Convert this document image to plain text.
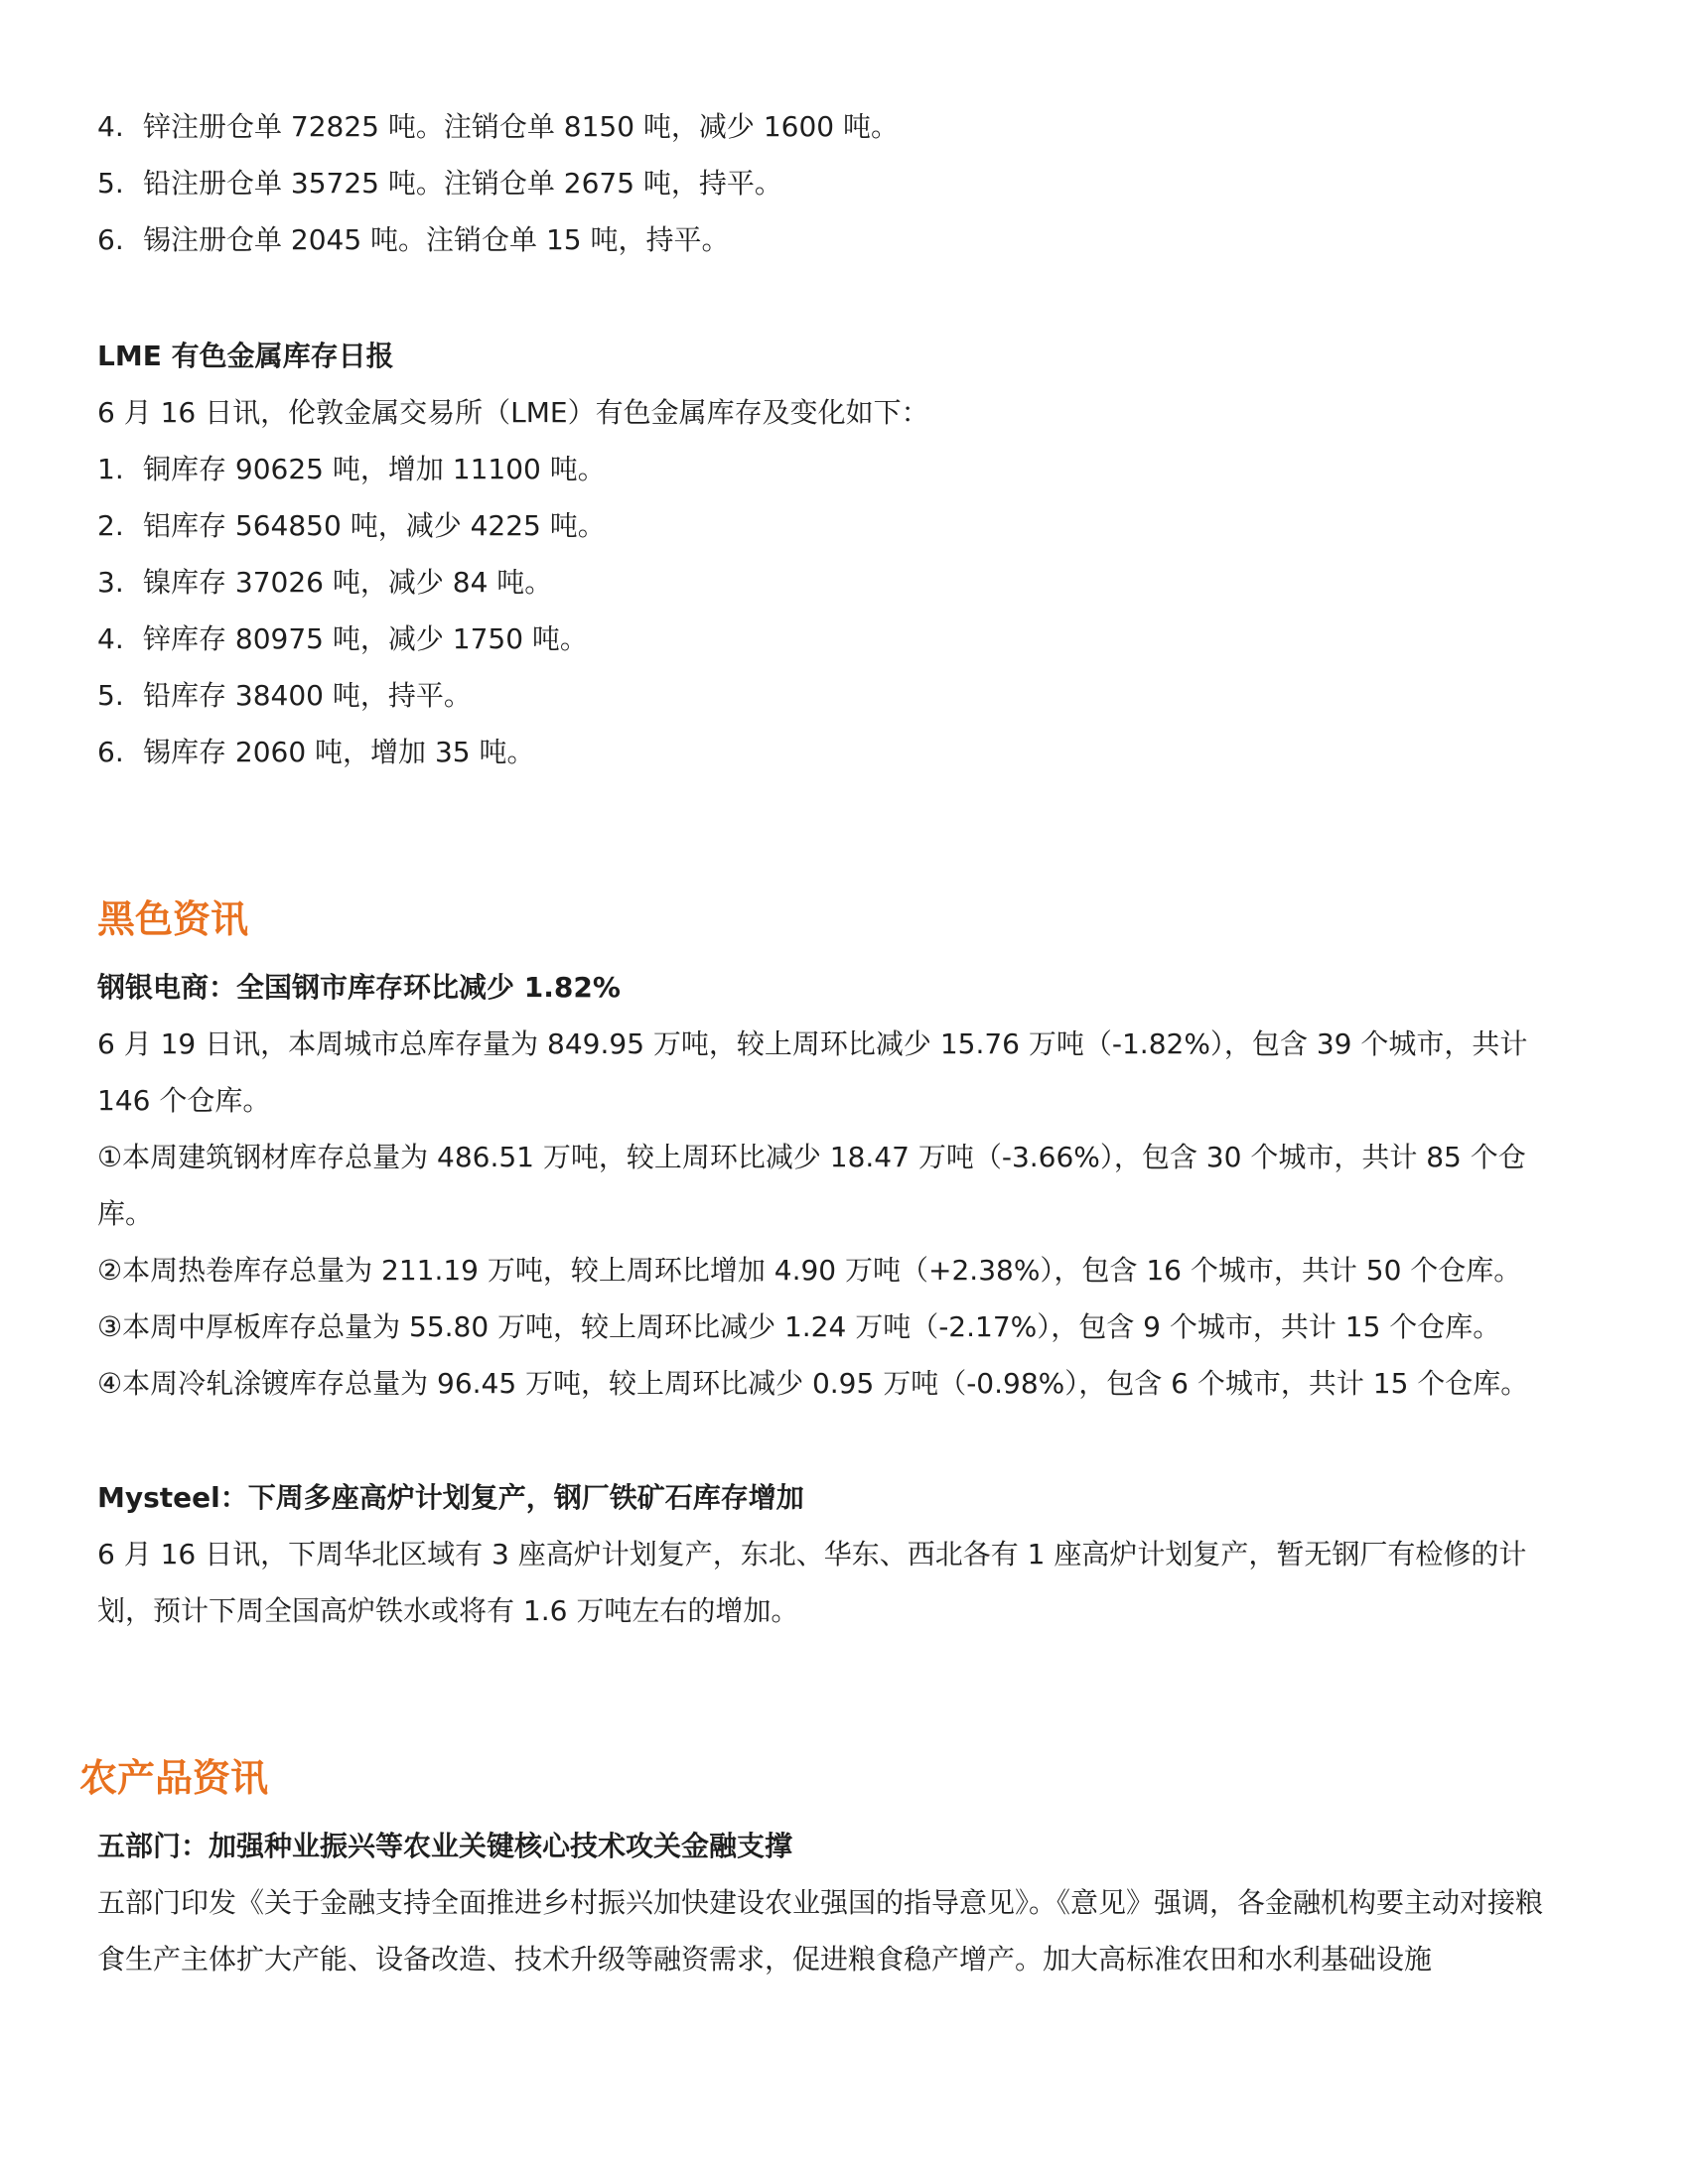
4. 锌注册仓单 72825 吨。注销仓单 8150 吨，减少 1600 吨。
5. 铅注册仓单 35725 吨。注销仓单 2675 吨，持平。
6. 锡注册仓单 2045 吨。注销仓单 15 吨，持平。
LME 有色金属库存日报
6 月 16 日讯，伦敦金属交易所（LME）有色金属库存及变化如下：
1. 铜库存 90625 吨，增加 11100 吨。
2. 铝库存 564850 吨，减少 4225 吨。
3. 镍库存 37026 吨，减少 84 吨。
4. 锌库存 80975 吨，减少 1750 吨。
5. 铅库存 38400 吨，持平。
6. 锡库存 2060 吨，增加 35 吨。
黑色资讯
钢银电商：全国钢市库存环比减少 1.82%
6 月 19 日讯，本周城市总库存量为 849.95 万吨，较上周环比减少 15.76 万吨（-1.82%），包含 39 个城市，共计 146 个仓库。
①本周建筑钢材库存总量为 486.51 万吨，较上周环比减少 18.47 万吨（-3.66%），包含 30 个城市，共计 85 个仓库。
②本周热卷库存总量为 211.19 万吨，较上周环比增加 4.90 万吨（+2.38%），包含 16 个城市，共计 50 个仓库。
③本周中厚板库存总量为 55.80 万吨，较上周环比减少 1.24 万吨（-2.17%），包含 9 个城市，共计 15 个仓库。
④本周冷轧涂镀库存总量为 96.45 万吨，较上周环比减少 0.95 万吨（-0.98%），包含 6 个城市，共计 15 个仓库。
Mysteel：下周多座高炉计划复产，钢厂铁矿石库存增加
6 月 16 日讯，下周华北区域有 3 座高炉计划复产，东北、华东、西北各有 1 座高炉计划复产，暂无钢厂有检修的计划，预计下周全国高炉铁水或将有 1.6 万吨左右的增加。
农产品资讯
五部门：加强种业振兴等农业关键核心技术攻关金融支撑
五部门印发《关于金融支持全面推进乡村振兴加快建设农业强国的指导意见》。《意见》强调，各金融机构要主动对接粮食生产主体扩大产能、设备改造、技术升级等融资需求，促进粮食稳产增产。加大高标准农田和水利基础设施
